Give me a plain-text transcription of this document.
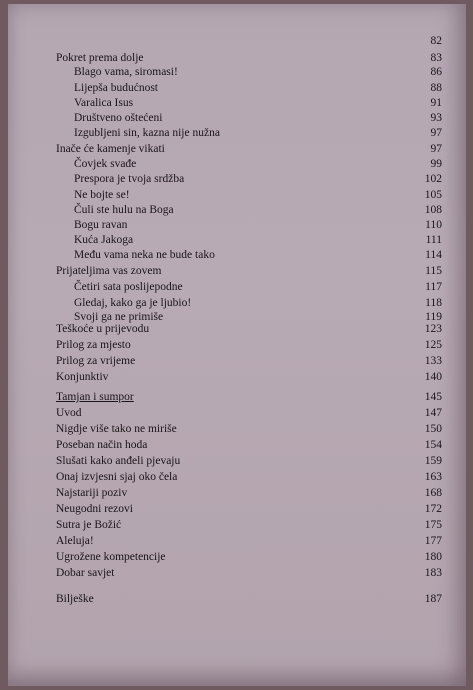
82
Pokret prema dolje	83
Blago vama, siromasi!	86
Lijepša budućnost	88
Varalica Isus	91
Društveno oštećeni	93
Izgubljeni sin, kazna nije nužna	97
Inače će kamenje vikati	97
Čovjek svađe	99
Prespora je tvoja srdžba	102
Ne bojte se!	105
Čuli ste hulu na Boga	108
Bogu ravan	110
Kuća Jakoga	111
Među vama neka ne bude tako	114
Prijateljima vas zovem	115
Četiri sata poslijepodne	117
Gledaj, kako ga je ljubio!	118
Svoji ga ne primiše	119
Teškoće u prijevodu	123
Prilog za mjesto	125
Prilog za vrijeme	133
Konjunktiv	140
Tamjan i sumpor	145
Uvod	147
Nigdje više tako ne miriše	150
Poseban način hoda	154
Slušati kako anđeli pjevaju	159
Onaj izvjesni sjaj oko čela	163
Najstariji poziv	168
Neugodni rezovi	172
Sutra je Božić	175
Aleluja!	177
Ugrožene kompetencije	180
Dobar savjet	183
Bilješke	187
